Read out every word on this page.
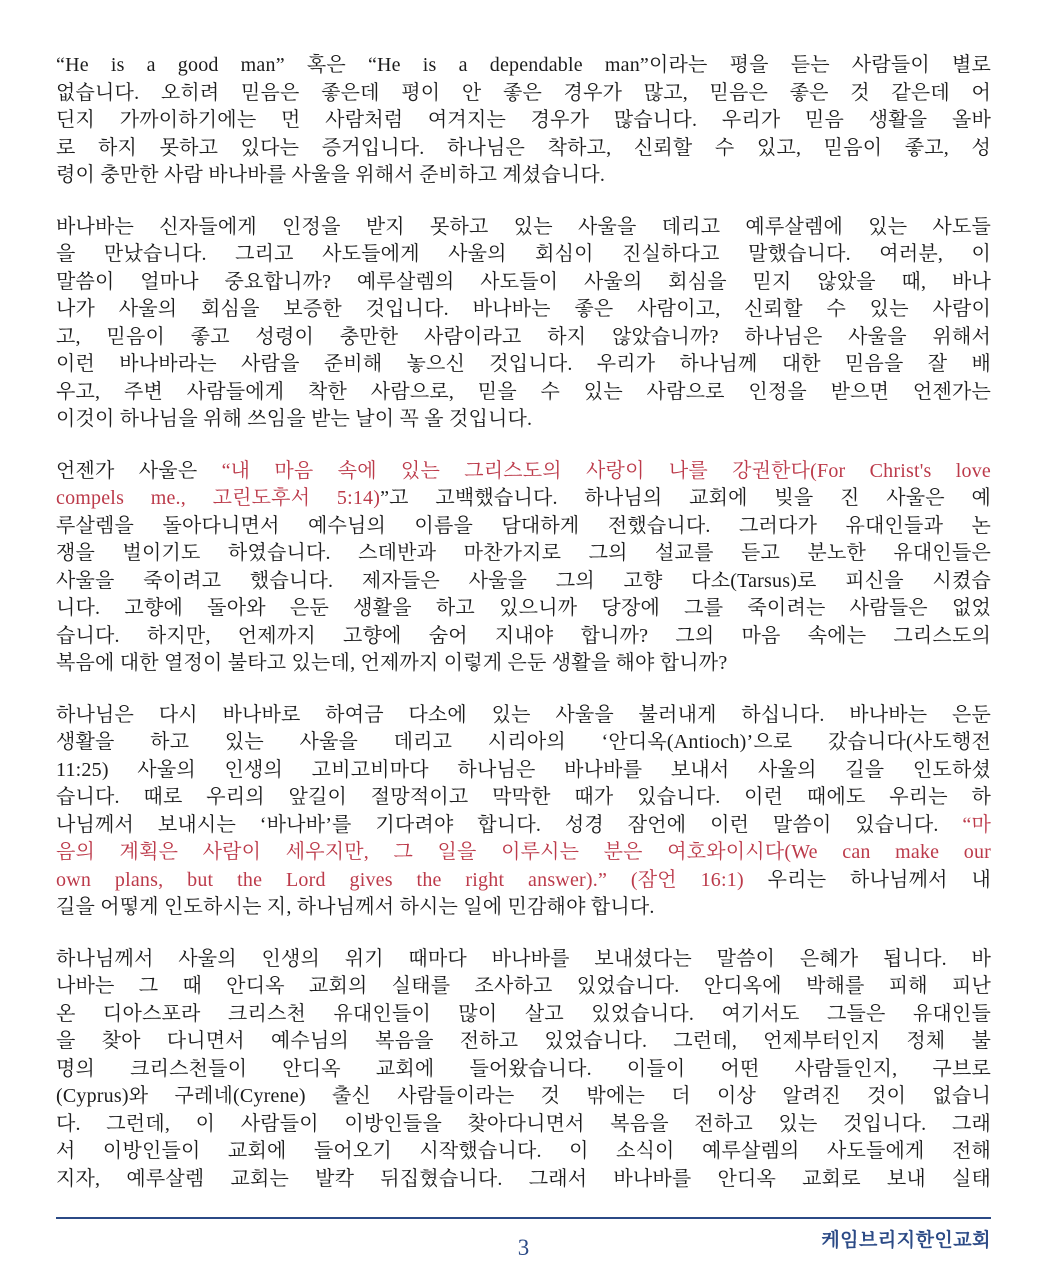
“He is a good man” 혹은 “He is a dependable man”이라는 평을 듣는 사람들이 별로
없습니다. 오히려 믿음은 좋은데 평이 안 좋은 경우가 많고, 믿음은 좋은 것 같은데 어
딘지 가까이하기에는 먼 사람처럼 여겨지는 경우가 많습니다. 우리가 믿음 생활을 올바
로 하지 못하고 있다는 증거입니다. 하나님은 착하고, 신뢰할 수 있고, 믿음이 좋고, 성
령이 충만한 사람 바나바를 사울을 위해서 준비하고 계셨습니다.
바나바는 신자들에게 인정을 받지 못하고 있는 사울을 데리고 예루살렘에 있는 사도들
을 만났습니다. 그리고 사도들에게 사울의 회심이 진실하다고 말했습니다. 여러분, 이
말씀이 얼마나 중요합니까? 예루살렘의 사도들이 사울의 회심을 믿지 않았을 때, 바나
나가 사울의 회심을 보증한 것입니다. 바나바는 좋은 사람이고, 신뢰할 수 있는 사람이
고, 믿음이 좋고 성령이 충만한 사람이라고 하지 않았습니까? 하나님은 사울을 위해서
이런 바나바라는 사람을 준비해 놓으신 것입니다. 우리가 하나님께 대한 믿음을 잘 배
우고, 주변 사람들에게 착한 사람으로, 믿을 수 있는 사람으로 인정을 받으면 언젠가는
이것이 하나님을 위해 쓰임을 받는 날이 꼭 올 것입니다.
언젠가 사울은 “내 마음 속에 있는 그리스도의 사랑이 나를 강권한다(For Christ's love
compels me., 고린도후서 5:14)”고 고백했습니다. 하나님의 교회에 빚을 진 사울은 예
루살렘을 돌아다니면서 예수님의 이름을 담대하게 전했습니다. 그러다가 유대인들과 논
쟁을 벌이기도 하였습니다. 스데반과 마찬가지로 그의 설교를 듣고 분노한 유대인들은
사울을 죽이려고 했습니다. 제자들은 사울을 그의 고향 다소(Tarsus)로 피신을 시켰습
니다. 고향에 돌아와 은둔 생활을 하고 있으니까 당장에 그를 죽이려는 사람들은 없었
습니다. 하지만, 언제까지 고향에 숨어 지내야 합니까? 그의 마음 속에는 그리스도의
복음에 대한 열정이 불타고 있는데, 언제까지 이렇게 은둔 생활을 해야 합니까?
하나님은 다시 바나바로 하여금 다소에 있는 사울을 불러내게 하십니다. 바나바는 은둔
생활을 하고 있는 사울을 데리고 시리아의 ‘안디옥(Antioch)’으로 갔습니다(사도행전
11:25) 사울의 인생의 고비고비마다 하나님은 바나바를 보내서 사울의 길을 인도하셨
습니다. 때로 우리의 앞길이 절망적이고 막막한 때가 있습니다. 이런 때에도 우리는 하
나님께서 보내시는 ‘바나바’를 기다려야 합니다. 성경 잠언에 이런 말씀이 있습니다. “마
음의 계획은 사람이 세우지만, 그 일을 이루시는 분은 여호와이시다(We can make our
own plans, but the Lord gives the right answer).” (잠언 16:1) 우리는 하나님께서 내
길을 어떻게 인도하시는 지, 하나님께서 하시는 일에 민감해야 합니다.
하나님께서 사울의 인생의 위기 때마다 바나바를 보내셨다는 말씀이 은혜가 됩니다. 바
나바는 그 때 안디옥 교회의 실태를 조사하고 있었습니다. 안디옥에 박해를 피해 피난
온 디아스포라 크리스천 유대인들이 많이 살고 있었습니다. 여기서도 그들은 유대인들
을 찾아 다니면서 예수님의 복음을 전하고 있었습니다. 그런데, 언제부터인지 정체 불
명의 크리스천들이 안디옥 교회에 들어왔습니다. 이들이 어떤 사람들인지, 구브로
(Cyprus)와 구레네(Cyrene) 출신 사람들이라는 것 밖에는 더 이상 알려진 것이 없습니
다. 그런데, 이 사람들이 이방인들을 찾아다니면서 복음을 전하고 있는 것입니다. 그래
서 이방인들이 교회에 들어오기 시작했습니다. 이 소식이 예루살렘의 사도들에게 전해
지자, 예루살렘 교회는 발칵 뒤집혔습니다. 그래서 바나바를 안디옥 교회로 보내 실태
케임브리지한인교회
3
